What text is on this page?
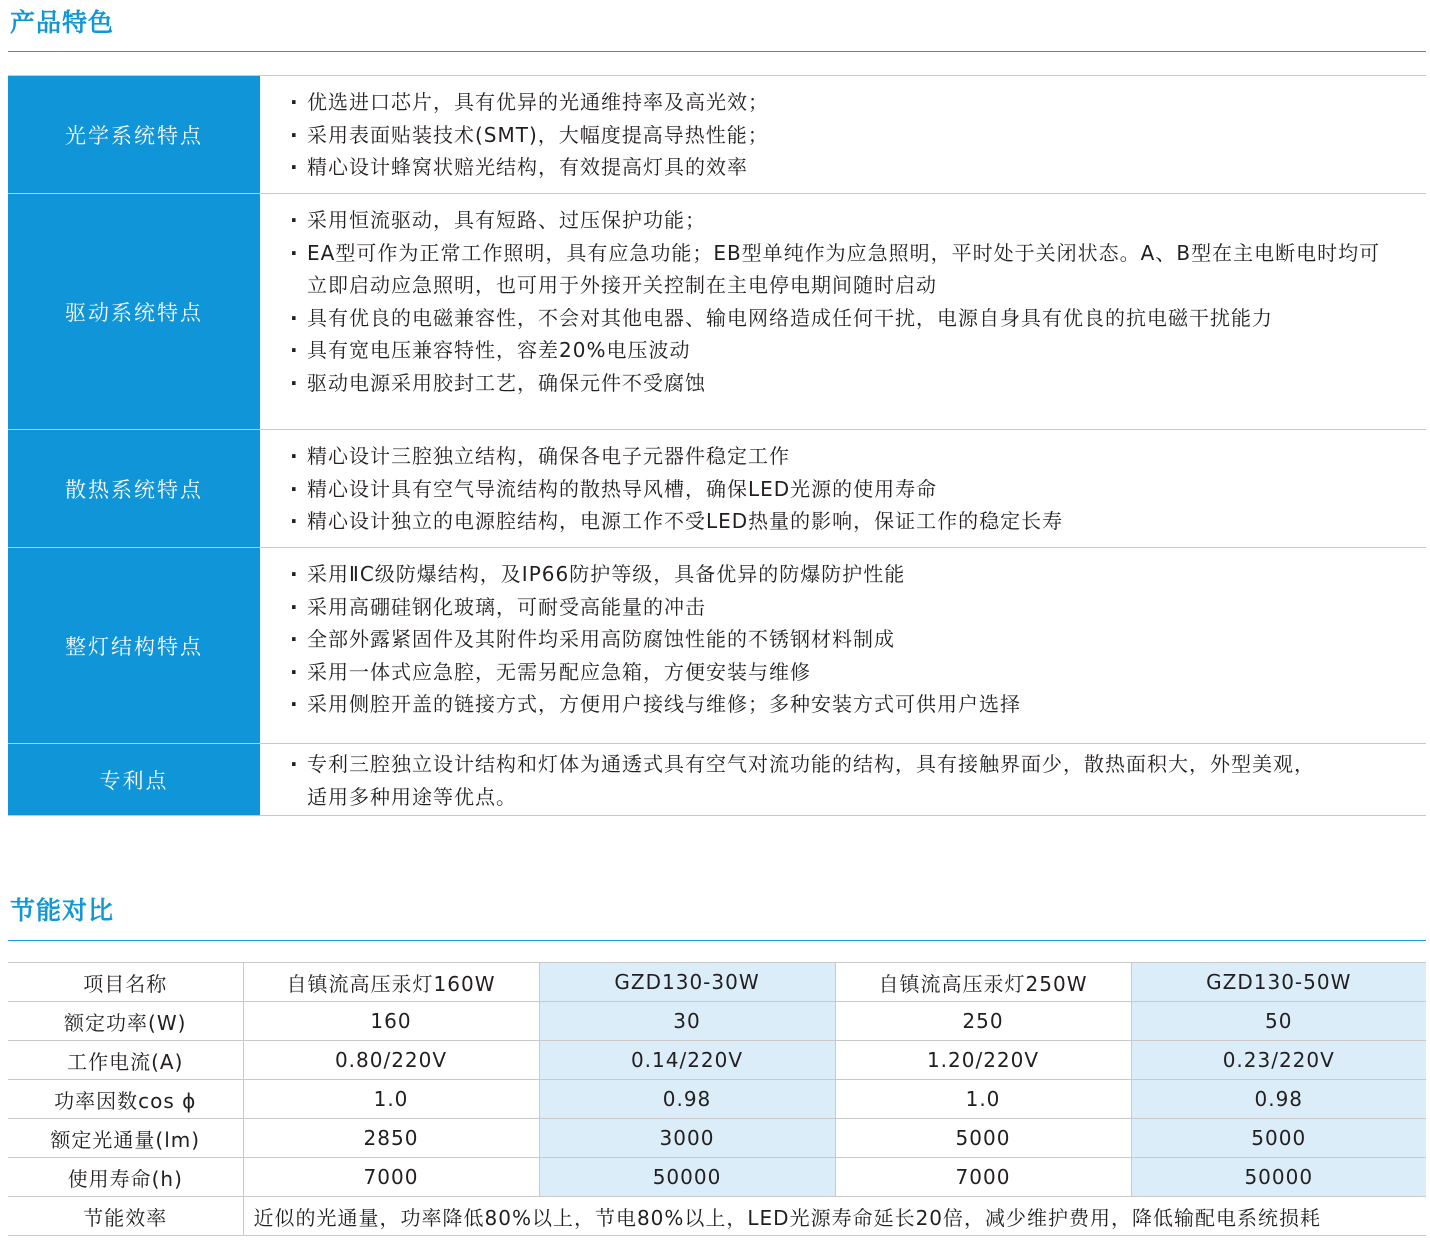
产品特色
光学系统特点
· 优选进口芯片，具有优异的光通维持率及高光效；
· 采用表面贴装技术(SMT)，大幅度提高导热性能；
· 精心设计蜂窝状赔光结构，有效提高灯具的效率
驱动系统特点
· 采用恒流驱动，具有短路、过压保护功能；
· EA型可作为正常工作照明，具有应急功能；EB型单纯作为应急照明，平时处于关闭状态。A、B型在主电断电时均可立即启动应急照明，也可用于外接开关控制在主电停电期间随时启动
· 具有优良的电磁兼容性，不会对其他电器、输电网络造成任何干扰，电源自身具有优良的抗电磁干扰能力
· 具有宽电压兼容特性，容差20%电压波动
· 驱动电源采用胶封工艺，确保元件不受腐蚀
散热系统特点
· 精心设计三腔独立结构，确保各电子元器件稳定工作
· 精心设计具有空气导流结构的散热导风槽，确保LED光源的使用寿命
· 精心设计独立的电源腔结构，电源工作不受LED热量的影响，保证工作的稳定长寿
整灯结构特点
· 采用ⅡC级防爆结构，及IP66防护等级，具备优异的防爆防护性能
· 采用高硼硅钢化玻璃，可耐受高能量的冲击
· 全部外露紧固件及其附件均采用高防腐蚀性能的不锈钢材料制成
· 采用一体式应急腔，无需另配应急箱，方便安装与维修
· 采用侧腔开盖的链接方式，方便用户接线与维修；多种安装方式可供用户选择
专利点
· 专利三腔独立设计结构和灯体为通透式具有空气对流功能的结构，具有接触界面少，散热面积大，外型美观，适用多种用途等优点。
节能对比
项目名称	自镇流高压汞灯160W	GZD130-30W	自镇流高压汞灯250W	GZD130-50W
额定功率(W)	160	30	250	50
工作电流(A)	0.80/220V	0.14/220V	1.20/220V	0.23/220V
功率因数cos ϕ	1.0	0.98	1.0	0.98
额定光通量(lm)	2850	3000	5000	5000
使用寿命(h)	7000	50000	7000	50000
节能效率	近似的光通量，功率降低80%以上，节电80%以上，LED光源寿命延长20倍，减少维护费用，降低输配电系统损耗			
